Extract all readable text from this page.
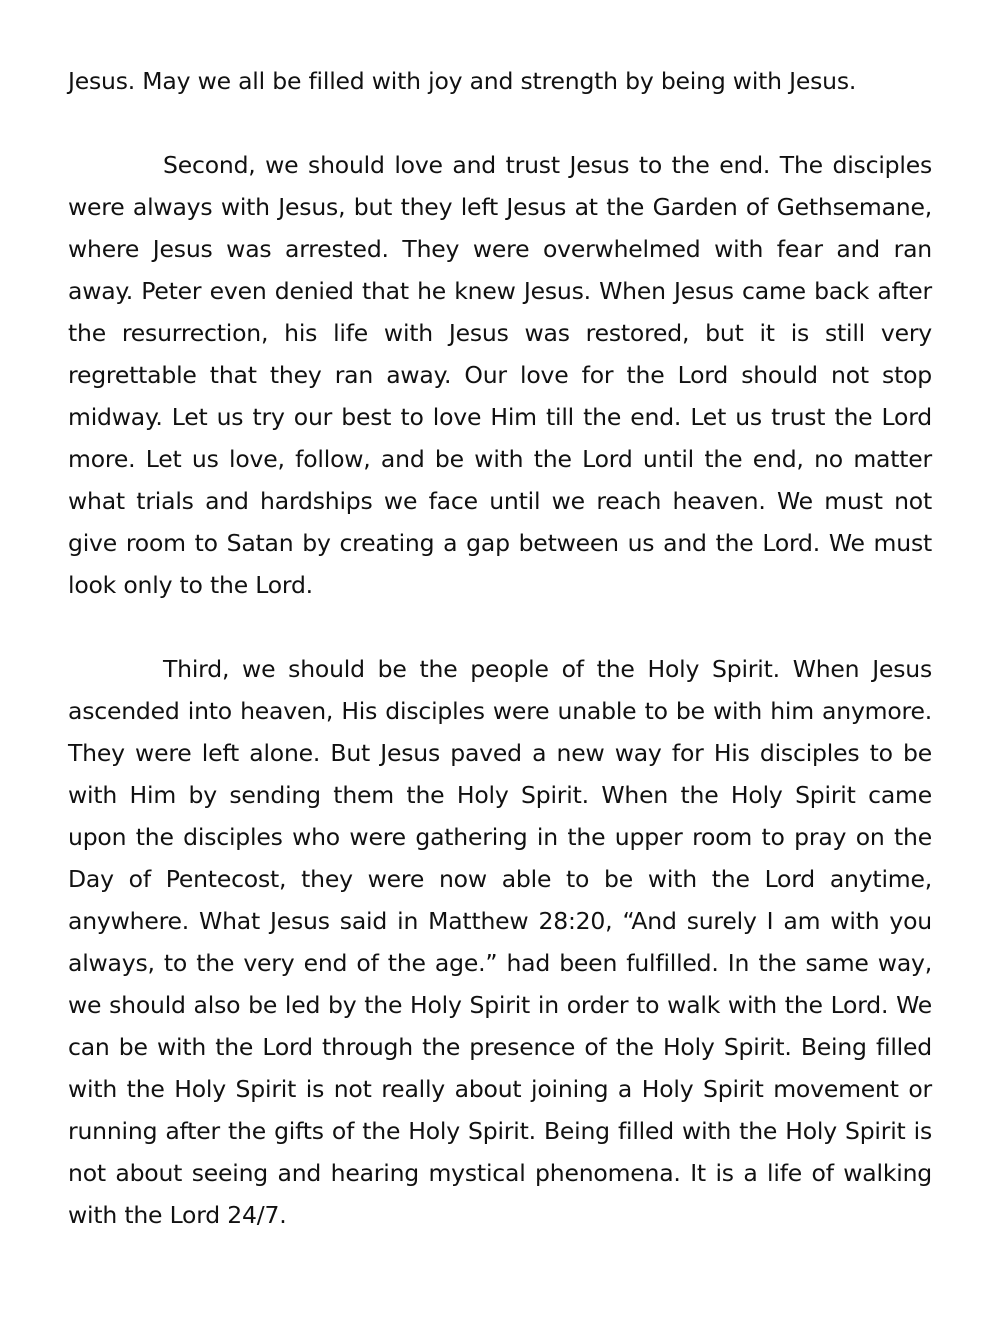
Jesus. May we all be filled with joy and strength by being with Jesus.

Second, we should love and trust Jesus to the end. The disciples were always with Jesus, but they left Jesus at the Garden of Gethsemane, where Jesus was arrested. They were overwhelmed with fear and ran away. Peter even denied that he knew Jesus. When Jesus came back after the resurrection, his life with Jesus was restored, but it is still very regrettable that they ran away. Our love for the Lord should not stop midway. Let us try our best to love Him till the end. Let us trust the Lord more. Let us love, follow, and be with the Lord until the end, no matter what trials and hardships we face until we reach heaven. We must not give room to Satan by creating a gap between us and the Lord. We must look only to the Lord.

Third, we should be the people of the Holy Spirit. When Jesus ascended into heaven, His disciples were unable to be with him anymore. They were left alone. But Jesus paved a new way for His disciples to be with Him by sending them the Holy Spirit. When the Holy Spirit came upon the disciples who were gathering in the upper room to pray on the Day of Pentecost, they were now able to be with the Lord anytime, anywhere. What Jesus said in Matthew 28:20, “And surely I am with you always, to the very end of the age.” had been fulfilled. In the same way, we should also be led by the Holy Spirit in order to walk with the Lord. We can be with the Lord through the presence of the Holy Spirit. Being filled with the Holy Spirit is not really about joining a Holy Spirit movement or running after the gifts of the Holy Spirit. Being filled with the Holy Spirit is not about seeing and hearing mystical phenomena. It is a life of walking with the Lord 24/7.
